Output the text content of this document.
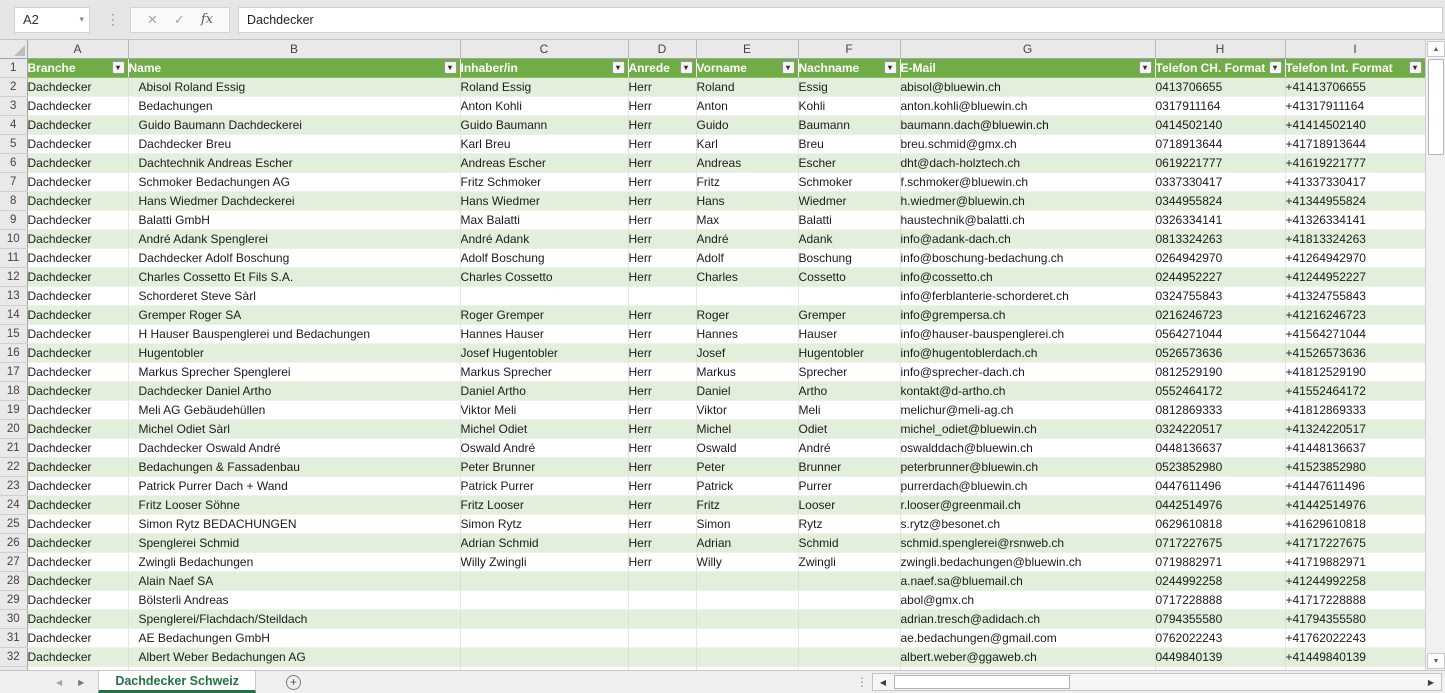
A2	▾ ⋮ ✕ ✓ fx	Dachdecker
	A	B	C	D	E	F	G	H	I
1	Branche ▾	Name ▾	Inhaber/in ▾	Anrede ▾	Vorname ▾	Nachname ▾	E-Mail ▾	Telefon CH. Format ▾	Telefon Int. Format ▾

2	Dachdecker	Abisol Roland Essig	Roland Essig	Herr	Roland	Essig	abisol@bluewin.ch	0413706655	+41413706655
3	Dachdecker	Bedachungen	Anton Kohli	Herr	Anton	Kohli	anton.kohli@bluewin.ch	0317911164	+41317911164
4	Dachdecker	Guido Baumann Dachdeckerei	Guido Baumann	Herr	Guido	Baumann	baumann.dach@bluewin.ch	0414502140	+41414502140
5	Dachdecker	Dachdecker Breu	Karl Breu	Herr	Karl	Breu	breu.schmid@gmx.ch	0718913644	+41718913644
6	Dachdecker	Dachtechnik Andreas Escher	Andreas Escher	Herr	Andreas	Escher	dht@dach-holztech.ch	0619221777	+41619221777
7	Dachdecker	Schmoker Bedachungen AG	Fritz Schmoker	Herr	Fritz	Schmoker	f.schmoker@bluewin.ch	0337330417	+41337330417
8	Dachdecker	Hans Wiedmer Dachdeckerei	Hans Wiedmer	Herr	Hans	Wiedmer	h.wiedmer@bluewin.ch	0344955824	+41344955824
9	Dachdecker	Balatti GmbH	Max Balatti	Herr	Max	Balatti	haustechnik@balatti.ch	0326334141	+41326334141
10	Dachdecker	André Adank Spenglerei	André Adank	Herr	André	Adank	info@adank-dach.ch	0813324263	+41813324263
11	Dachdecker	Dachdecker Adolf Boschung	Adolf Boschung	Herr	Adolf	Boschung	info@boschung-bedachung.ch	0264942970	+41264942970
12	Dachdecker	Charles Cossetto Et Fils S.A.	Charles Cossetto	Herr	Charles	Cossetto	info@cossetto.ch	0244952227	+41244952227
13	Dachdecker	Schorderet Steve Sàrl					info@ferblanterie-schorderet.ch	0324755843	+41324755843
14	Dachdecker	Gremper Roger SA	Roger Gremper	Herr	Roger	Gremper	info@grempersa.ch	0216246723	+41216246723
15	Dachdecker	H Hauser Bauspenglerei und Bedachungen	Hannes Hauser	Herr	Hannes	Hauser	info@hauser-bauspenglerei.ch	0564271044	+41564271044
16	Dachdecker	Hugentobler	Josef Hugentobler	Herr	Josef	Hugentobler	info@hugentoblerdach.ch	0526573636	+41526573636
17	Dachdecker	Markus Sprecher Spenglerei	Markus Sprecher	Herr	Markus	Sprecher	info@sprecher-dach.ch	0812529190	+41812529190
18	Dachdecker	Dachdecker Daniel Artho	Daniel Artho	Herr	Daniel	Artho	kontakt@d-artho.ch	0552464172	+41552464172
19	Dachdecker	Meli AG Gebäudehüllen	Viktor Meli	Herr	Viktor	Meli	melichur@meli-ag.ch	0812869333	+41812869333
20	Dachdecker	Michel Odiet Sàrl	Michel Odiet	Herr	Michel	Odiet	michel_odiet@bluewin.ch	0324220517	+41324220517
21	Dachdecker	Dachdecker Oswald André	Oswald André	Herr	Oswald	André	oswalddach@bluewin.ch	0448136637	+41448136637
22	Dachdecker	Bedachungen & Fassadenbau	Peter Brunner	Herr	Peter	Brunner	peterbrunner@bluewin.ch	0523852980	+41523852980
23	Dachdecker	Patrick Purrer Dach + Wand	Patrick Purrer	Herr	Patrick	Purrer	purrerdach@bluewin.ch	0447611496	+41447611496
24	Dachdecker	Fritz Looser Söhne	Fritz Looser	Herr	Fritz	Looser	r.looser@greenmail.ch	0442514976	+41442514976
25	Dachdecker	Simon Rytz BEDACHUNGEN	Simon Rytz	Herr	Simon	Rytz	s.rytz@besonet.ch	0629610818	+41629610818
26	Dachdecker	Spenglerei Schmid	Adrian Schmid	Herr	Adrian	Schmid	schmid.spenglerei@rsnweb.ch	0717227675	+41717227675
27	Dachdecker	Zwingli Bedachungen	Willy Zwingli	Herr	Willy	Zwingli	zwingli.bedachungen@bluewin.ch	0719882971	+41719882971
28	Dachdecker	Alain Naef SA					a.naef.sa@bluemail.ch	0244992258	+41244992258
29	Dachdecker	Bölsterli Andreas					abol@gmx.ch	0717228888	+41717228888
30	Dachdecker	Spenglerei/Flachdach/Steildach					adrian.tresch@adidach.ch	0794355580	+41794355580
31	Dachdecker	AE Bedachungen GmbH					ae.bedachungen@gmail.com	0762022243	+41762022243
32	Dachdecker	Albert Weber Bedachungen AG					albert.weber@ggaweb.ch	0449840139	+41449840139

▲
▼
◀ ▶ Dachdecker Schweiz	+	⋮	◀	▶
